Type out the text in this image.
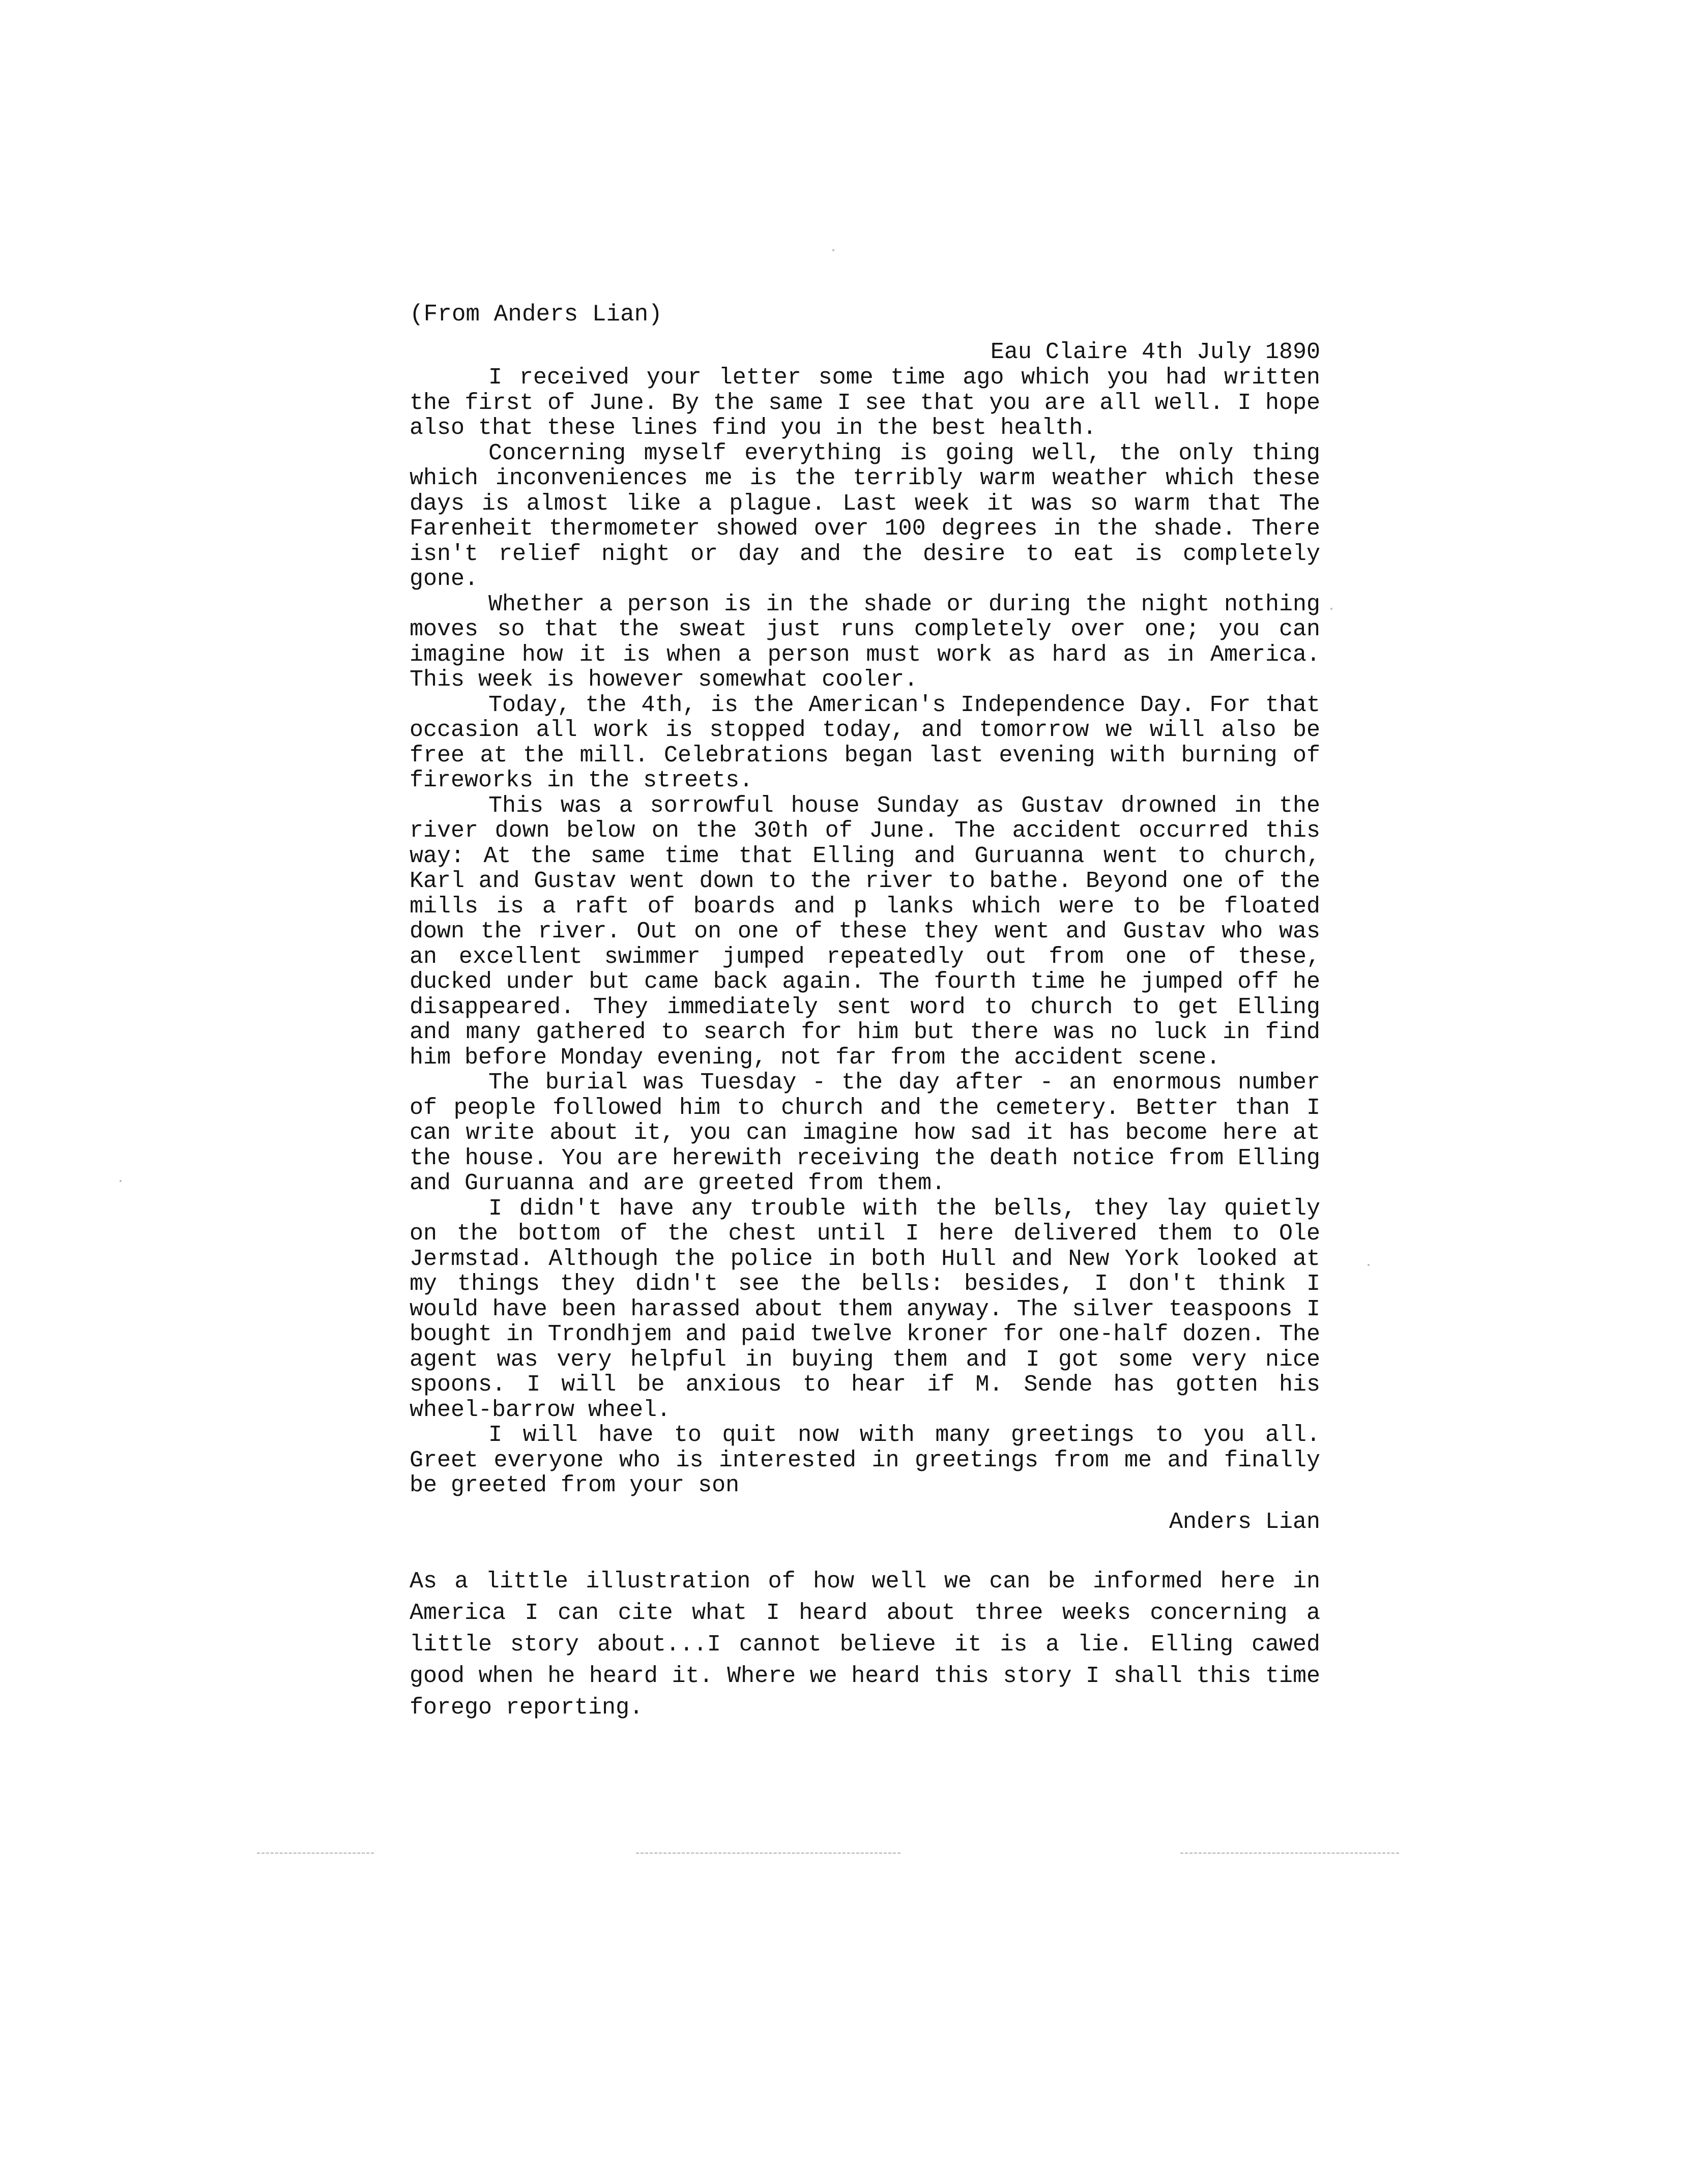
(From Anders Lian)

Eau Claire 4th July 1890

I received your letter some time ago which you had written the first of June. By the same I see that you are all well. I hope also that these lines find you in the best health.

Concerning myself everything is going well, the only thing which inconveniences me is the terribly warm weather which these days is almost like a plague. Last week it was so warm that The Farenheit thermometer showed over 100 degrees in the shade. There isn't relief night or day and the desire to eat is completely gone.

Whether a person is in the shade or during the night nothing moves so that the sweat just runs completely over one; you can imagine how it is when a person must work as hard as in America. This week is however somewhat cooler.

Today, the 4th, is the American's Independence Day. For that occasion all work is stopped today, and tomorrow we will also be free at the mill. Celebrations began last evening with burning of fireworks in the streets.

This was a sorrowful house Sunday as Gustav drowned in the river down below on the 30th of June. The accident occurred this way: At the same time that Elling and Guruanna went to church, Karl and Gustav went down to the river to bathe. Beyond one of the mills is a raft of boards and p lanks which were to be floated down the river. Out on one of these they went and Gustav who was an excellent swimmer jumped repeatedly out from one of these, ducked under but came back again. The fourth time he jumped off he disappeared. They immediately sent word to church to get Elling and many gathered to search for him but there was no luck in find him before Monday evening, not far from the accident scene.

The burial was Tuesday - the day after - an enormous number of people followed him to church and the cemetery. Better than I can write about it, you can imagine how sad it has become here at the house. You are herewith receiving the death notice from Elling and Guruanna and are greeted from them.

I didn't have any trouble with the bells, they lay quietly on the bottom of the chest until I here delivered them to Ole Jermstad. Although the police in both Hull and New York looked at my things they didn't see the bells: besides, I don't think I would have been harassed about them anyway. The silver teaspoons I bought in Trondhjem and paid twelve kroner for one-half dozen. The agent was very helpful in buying them and I got some very nice spoons. I will be anxious to hear if M. Sende has gotten his wheel-barrow wheel.

I will have to quit now with many greetings to you all. Greet everyone who is interested in greetings from me and finally be greeted from your son

Anders Lian

As a little illustration of how well we can be informed here in America I can cite what I heard about three weeks concerning a little story about...I cannot believe it is a lie. Elling cawed good when he heard it. Where we heard this story I shall this time forego reporting.
